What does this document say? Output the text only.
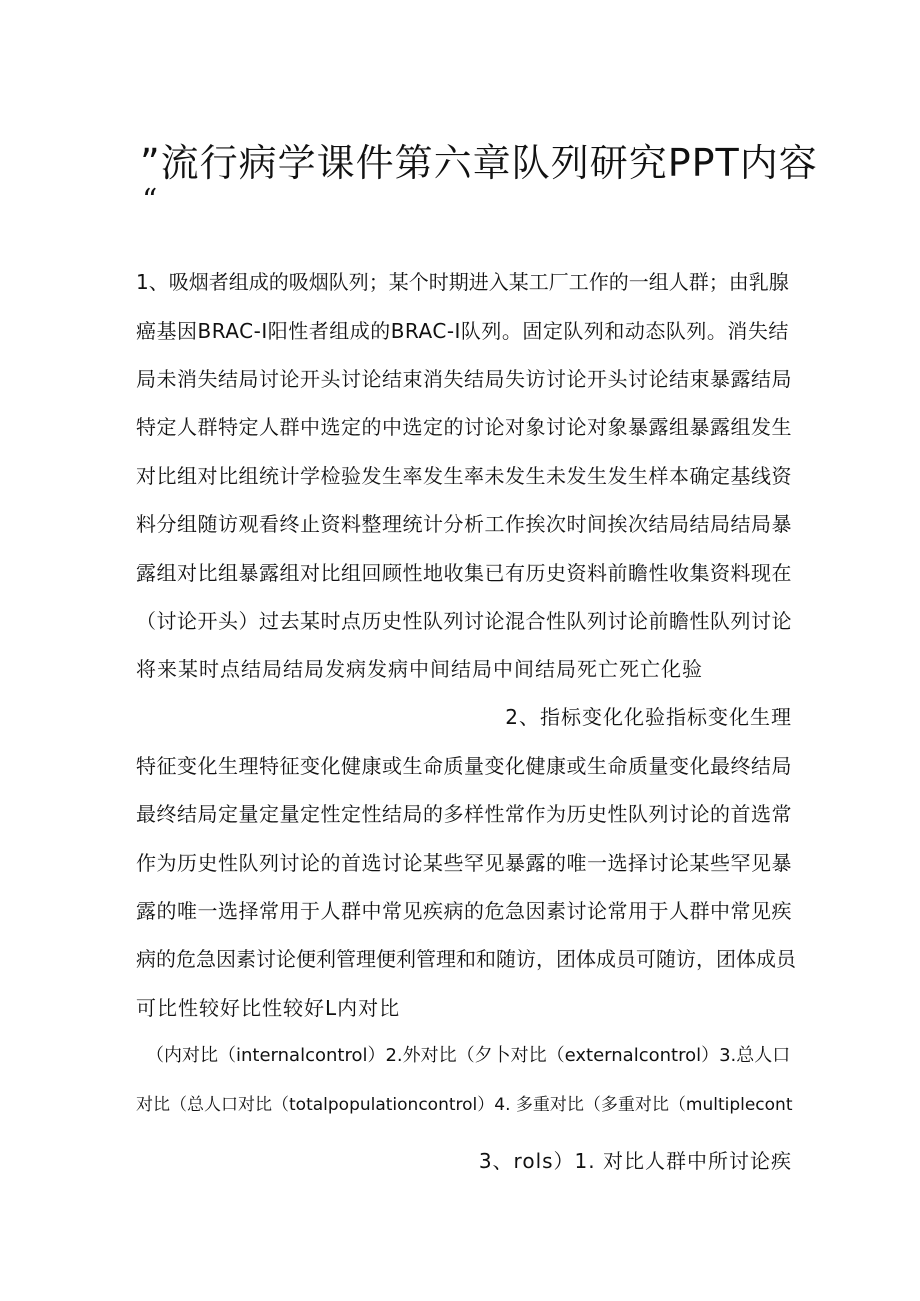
”流行病学课件第六章队列研究PPT内容
“
1、吸烟者组成的吸烟队列；某个时期进入某工厂工作的一组人群；由乳腺
癌基因BRAC-I阳性者组成的BRAC-I队列。固定队列和动态队列。消失结
局未消失结局讨论开头讨论结束消失结局失访讨论开头讨论结束暴露结局
特定人群特定人群中选定的中选定的讨论对象讨论对象暴露组暴露组发生
对比组对比组统计学检验发生率发生率未发生未发生发生样本确定基线资
料分组随访观看终止资料整理统计分析工作挨次时间挨次结局结局结局暴
露组对比组暴露组对比组回顾性地收集已有历史资料前瞻性收集资料现在
（讨论开头）过去某时点历史性队列讨论混合性队列讨论前瞻性队列讨论
将来某时点结局结局发病发病中间结局中间结局死亡死亡化验
2、指标变化化验指标变化生理
特征变化生理特征变化健康或生命质量变化健康或生命质量变化最终结局
最终结局定量定量定性定性结局的多样性常作为历史性队列讨论的首选常
作为历史性队列讨论的首选讨论某些罕见暴露的唯一选择讨论某些罕见暴
露的唯一选择常用于人群中常见疾病的危急因素讨论常用于人群中常见疾
病的危急因素讨论便利管理便利管理和和随访，团体成员可随访，团体成员
可比性较好比性较好L内对比
（内对比（internalcontrol）2.外对比（夕卜对比（externalcontrol）3.总人口
对比（总人口对比（totalpopulationcontrol）4. 多重对比（多重对比（multiplecont
3、rols）1. 对比人群中所讨论疾
